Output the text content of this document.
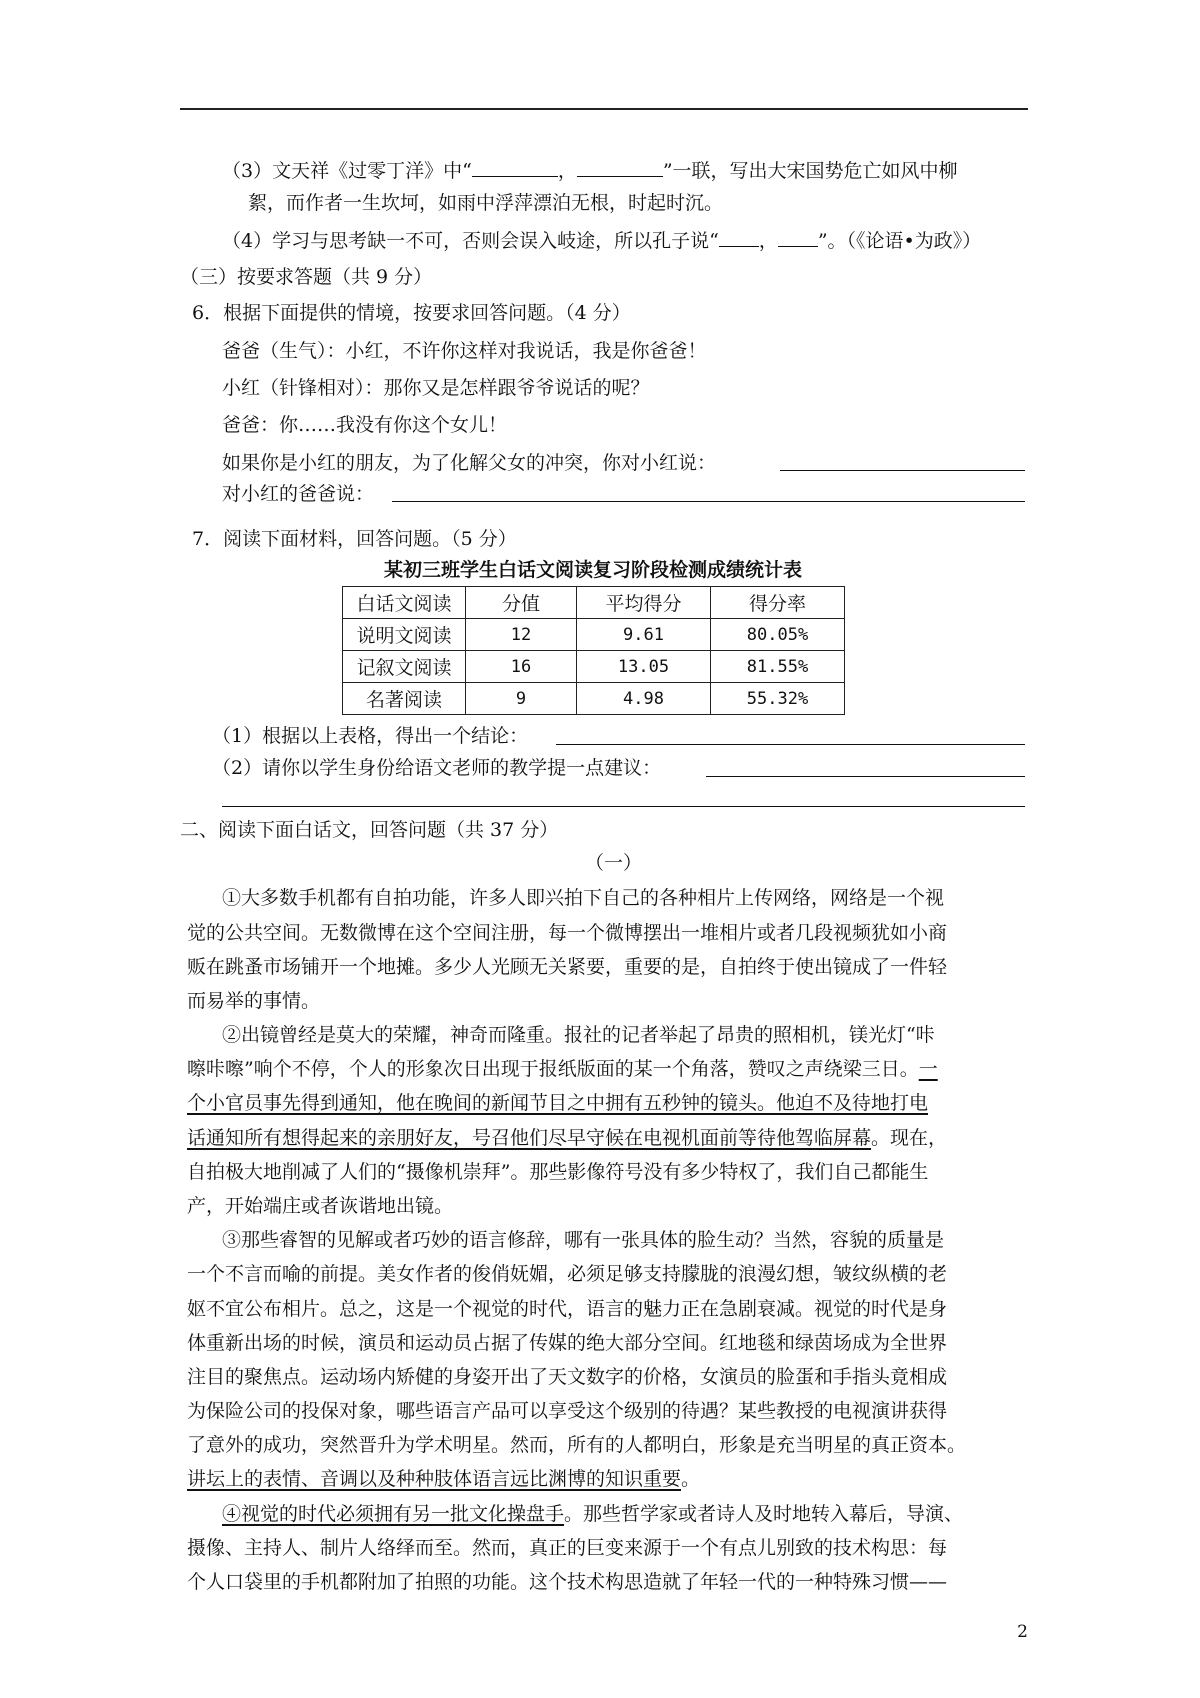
（3）文天祥《过零丁洋》中“	，	”一联，写出大宋国势危亡如风中柳
絮，而作者一生坎坷，如雨中浮萍漂泊无根，时起时沉。
（4）学习与思考缺一不可，否则会误入岐途，所以孔子说“ ， ”。（《论语•为政》）
（三）按要求答题（共 9 分）
6．根据下面提供的情境，按要求回答问题。（4 分）
爸爸（生气）：小红，不许你这样对我说话，我是你爸爸！
小红（针锋相对）：那你又是怎样跟爷爷说话的呢？
爸爸：你……我没有你这个女儿！
如果你是小红的朋友，为了化解父女的冲突，你对小红说：
对小红的爸爸说：
7．阅读下面材料，回答问题。（5 分）
某初三班学生白话文阅读复习阶段检测成绩统计表
白话文阅读	分值	平均得分	得分率
说明文阅读	12	9.61	80.05%
记叙文阅读	16	13.05	81.55%
名著阅读	9	4.98	55.32%
（1）根据以上表格，得出一个结论：
（2）请你以学生身份给语文老师的教学提一点建议：
二、阅读下面白话文，回答问题（共 37 分）
（一）
①大多数手机都有自拍功能，许多人即兴拍下自己的各种相片上传网络，网络是一个视
觉的公共空间。无数微博在这个空间注册，每一个微博摆出一堆相片或者几段视频犹如小商
贩在跳蚤市场铺开一个地摊。多少人光顾无关紧要，重要的是，自拍终于使出镜成了一件轻
而易举的事情。
②出镜曾经是莫大的荣耀，神奇而隆重。报社的记者举起了昂贵的照相机，镁光灯“咔
嚓咔嚓”响个不停，个人的形象次日出现于报纸版面的某一个角落，赞叹之声绕梁三日。一
个小官员事先得到通知，他在晚间的新闻节目之中拥有五秒钟的镜头。他迫不及待地打电
话通知所有想得起来的亲朋好友，号召他们尽早守候在电视机面前等待他驾临屏幕。现在，
自拍极大地削减了人们的“摄像机崇拜”。那些影像符号没有多少特权了，我们自己都能生
产，开始端庄或者诙谐地出镜。
③那些睿智的见解或者巧妙的语言修辞，哪有一张具体的脸生动？当然，容貌的质量是
一个不言而喻的前提。美女作者的俊俏妩媚，必须足够支持朦胧的浪漫幻想，皱纹纵横的老
妪不宜公布相片。总之，这是一个视觉的时代，语言的魅力正在急剧衰减。视觉的时代是身
体重新出场的时候，演员和运动员占据了传媒的绝大部分空间。红地毯和绿茵场成为全世界
注目的聚焦点。运动场内矫健的身姿开出了天文数字的价格，女演员的脸蛋和手指头竟相成
为保险公司的投保对象，哪些语言产品可以享受这个级别的待遇？某些教授的电视演讲获得
了意外的成功，突然晋升为学术明星。然而，所有的人都明白，形象是充当明星的真正资本。
讲坛上的表情、音调以及种种肢体语言远比渊博的知识重要。
④视觉的时代必须拥有另一批文化操盘手。那些哲学家或者诗人及时地转入幕后，导演、
摄像、主持人、制片人络绎而至。然而，真正的巨变来源于一个有点儿别致的技术构思：每
个人口袋里的手机都附加了拍照的功能。这个技术构思造就了年轻一代的一种特殊习惯——
2
